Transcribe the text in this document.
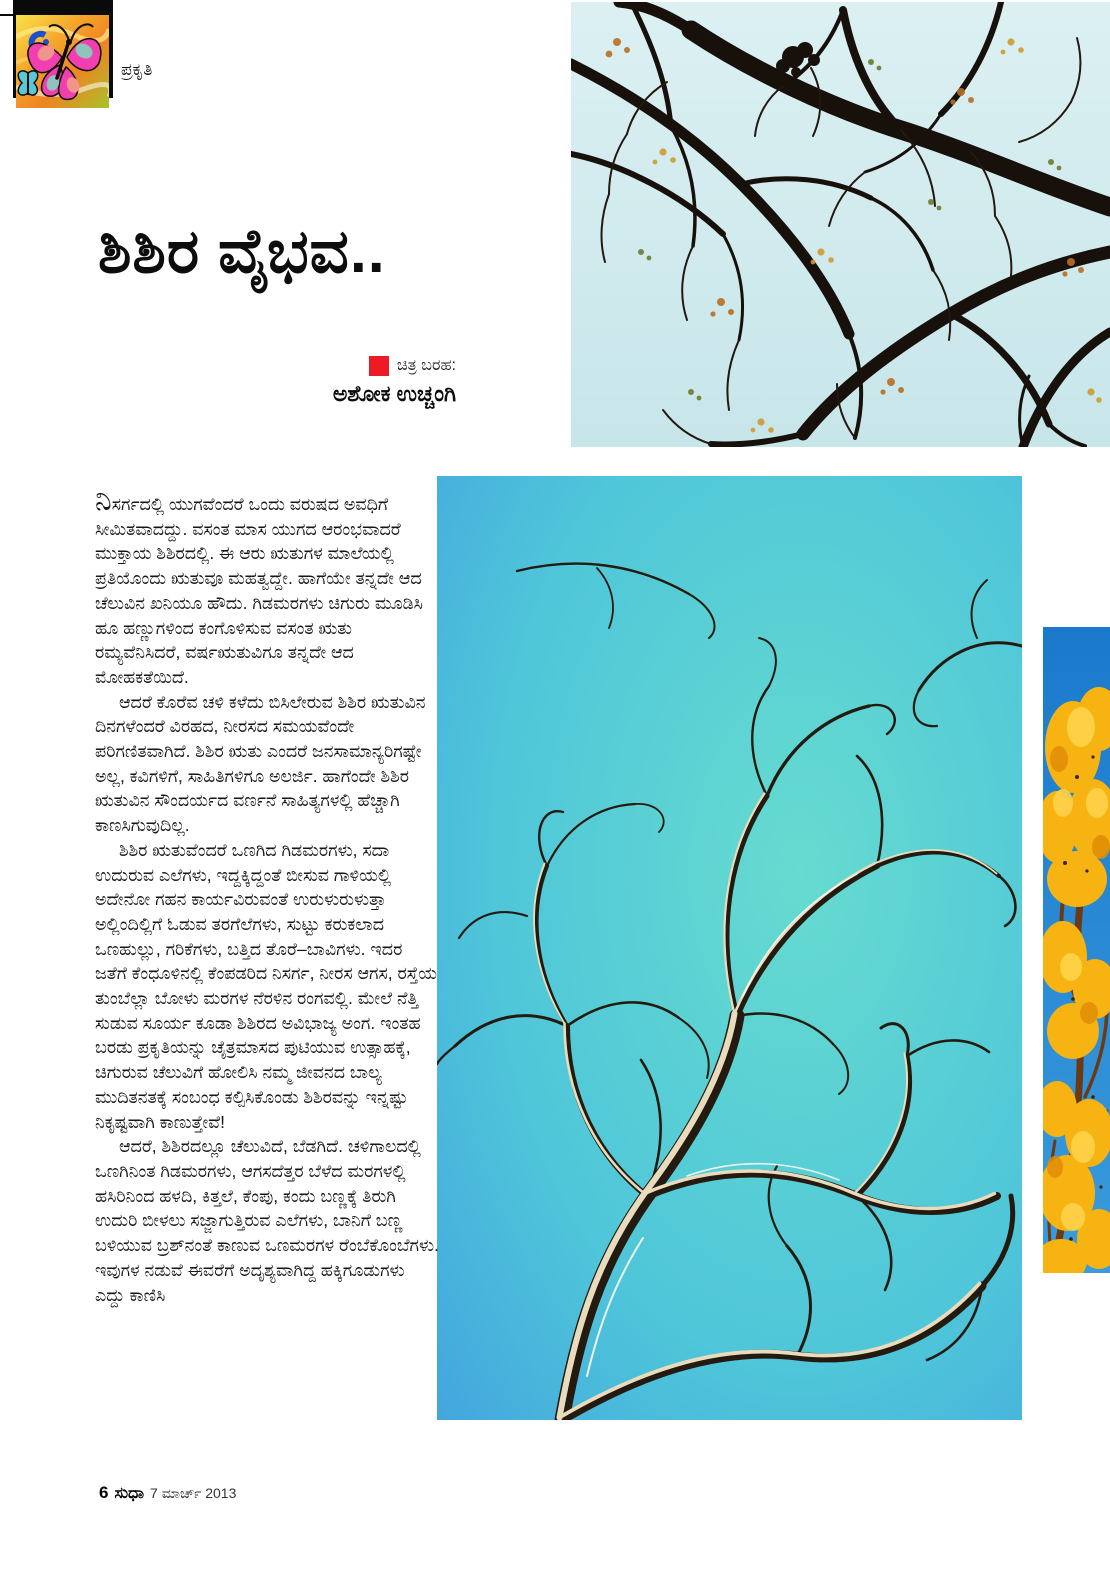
ಪ್ರಕೃತಿ
ಶಿಶಿರ ವೈಭವ..
ಚಿತ್ರ ಬರಹ:
ಅಶೋಕ ಉಚ್ಚಂಗಿ

ನಿಸರ್ಗದಲ್ಲಿ ಯುಗವೆಂದರೆ ಒಂದು ವರುಷದ ಅವಧಿಗೆ ಸೀಮಿತವಾದದ್ದು. ವಸಂತ ಮಾಸ ಯುಗದ ಆರಂಭವಾದರೆ ಮುಕ್ತಾಯ ಶಿಶಿರದಲ್ಲಿ. ಈ ಆರು ಋತುಗಳ ಮಾಲೆಯಲ್ಲಿ ಪ್ರತಿಯೊಂದು ಋತುವೂ ಮಹತ್ವದ್ದೇ. ಹಾಗೆಯೇ ತನ್ನದೇ ಆದ ಚೆಲುವಿನ ಖನಿಯೂ ಹೌದು. ಗಿಡಮರಗಳು ಚಿಗುರು ಮೂಡಿಸಿ ಹೂ ಹಣ್ಣುಗಳಿಂದ ಕಂಗೊಳಿಸುವ ವಸಂತ ಋತು ರಮ್ಯವೆನಿಸಿದರೆ, ವರ್ಷಋತುವಿಗೂ ತನ್ನದೇ ಆದ ಮೋಹಕತೆಯಿದೆ.

ಆದರೆ ಕೊರೆವ ಚಳಿ ಕಳೆದು ಬಿಸಿಲೇರುವ ಶಿಶಿರ ಋತುವಿನ ದಿನಗಳೆಂದರೆ ವಿರಹದ, ನೀರಸದ ಸಮಯವೆಂದೇ ಪರಿಗಣಿತವಾಗಿದೆ. ಶಿಶಿರ ಋತು ಎಂದರೆ ಜನಸಾಮಾನ್ಯರಿಗಷ್ಟೇ ಅಲ್ಲ, ಕವಿಗಳಿಗೆ, ಸಾಹಿತಿಗಳಿಗೂ ಅಲರ್ಜಿ. ಹಾಗೆಂದೇ ಶಿಶಿರ ಋತುವಿನ ಸೌಂದರ್ಯದ ವರ್ಣನೆ ಸಾಹಿತ್ಯಗಳಲ್ಲಿ ಹೆಚ್ಚಾಗಿ ಕಾಣಸಿಗುವುದಿಲ್ಲ.

ಶಿಶಿರ ಋತುವೆಂದರೆ ಒಣಗಿದ ಗಿಡಮರಗಳು, ಸದಾ ಉದುರುವ ಎಲೆಗಳು, ಇದ್ದಕ್ಕಿದ್ದಂತೆ ಬೀಸುವ ಗಾಳಿಯಲ್ಲಿ ಅದೇನೋ ಗಹನ ಕಾರ್ಯವಿರುವಂತೆ ಉರುಳುರುಳುತ್ತಾ ಅಲ್ಲಿಂದಿಲ್ಲಿಗೆ ಓಡುವ ತರಗೆಲೆಗಳು, ಸುಟ್ಟು ಕರುಕಲಾದ ಒಣಹುಲ್ಲು, ಗರಿಕೆಗಳು, ಬತ್ತಿದ ತೊರೆ–ಬಾವಿಗಳು. ಇದರ ಜತೆಗೆ ಕೆಂಧೂಳಿನಲ್ಲಿ ಕೆಂಪಡರಿದ ನಿಸರ್ಗ, ನೀರಸ ಆಗಸ, ರಸ್ತೆಯ ತುಂಬೆಲ್ಲಾ ಬೋಳು ಮರಗಳ ನೆರಳಿನ ರಂಗವಲ್ಲಿ. ಮೇಲೆ ನೆತ್ತಿ ಸುಡುವ ಸೂರ್ಯ ಕೂಡಾ ಶಿಶಿರದ ಅವಿಭಾಜ್ಯ ಅಂಗ. ಇಂತಹ ಬರಡು ಪ್ರಕೃತಿಯನ್ನು ಚೈತ್ರಮಾಸದ ಪುಟಿಯುವ ಉತ್ಸಾಹಕ್ಕೆ, ಚಿಗುರುವ ಚೆಲುವಿಗೆ ಹೋಲಿಸಿ ನಮ್ಮ ಜೀವನದ ಬಾಲ್ಯ ಮುದಿತನತಕ್ಕೆ ಸಂಬಂಧ ಕಲ್ಪಿಸಿಕೊಂಡು ಶಿಶಿರವನ್ನು ಇನ್ನಷ್ಟು ನಿಕೃಷ್ಟವಾಗಿ ಕಾಣುತ್ತೇವೆ!

ಆದರೆ, ಶಿಶಿರದಲ್ಲೂ ಚೆಲುವಿದೆ, ಬೆಡಗಿದೆ. ಚಳಿಗಾಲದಲ್ಲಿ ಒಣಗಿನಿಂತ ಗಿಡಮರಗಳು, ಆಗಸದೆತ್ತರ ಬೆಳೆದ ಮರಗಳಲ್ಲಿ ಹಸಿರಿನಿಂದ ಹಳದಿ, ಕಿತ್ತಲೆ, ಕೆಂಪು, ಕಂದು ಬಣ್ಣಕ್ಕೆ ತಿರುಗಿ ಉದುರಿ ಬೀಳಲು ಸಜ್ಜಾಗುತ್ತಿರುವ ಎಲೆಗಳು, ಬಾನಿಗೆ ಬಣ್ಣ ಬಳಿಯುವ ಬ್ರಶ್‌ನಂತೆ ಕಾಣುವ ಒಣಮರಗಳ ರೆಂಬೆಕೊಂಬೆಗಳು. ಇವುಗಳ ನಡುವೆ ಈವರೆಗೆ ಅದೃಶ್ಯವಾಗಿದ್ದ ಹಕ್ಕಿಗೂಡುಗಳು ಎದ್ದು ಕಾಣಿಸಿ

6 ಸುಧಾ 7 ಮಾರ್ಚ್ 2013
